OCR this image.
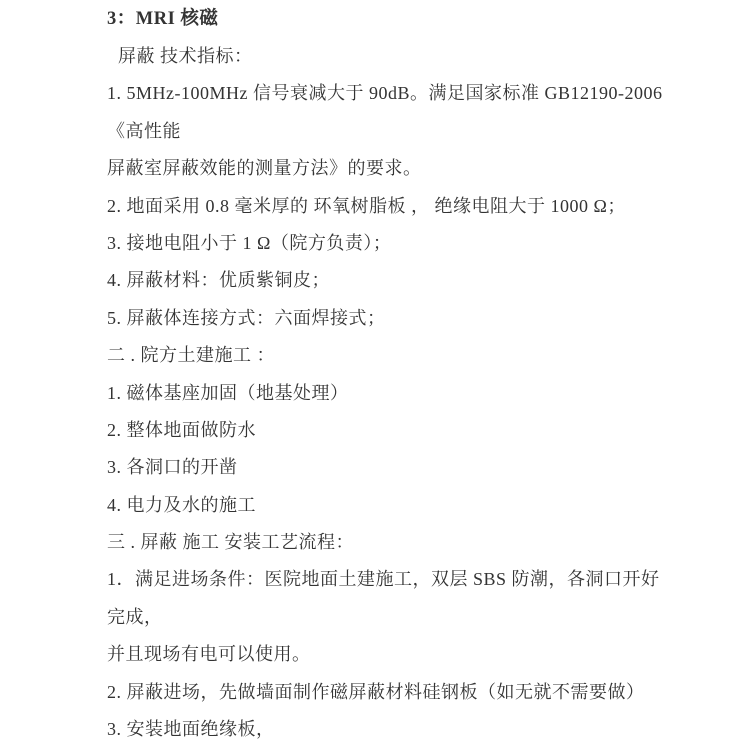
3：MRI 核磁
屏蔽 技术指标：
1. 5MHz-100MHz 信号衰减大于 90dB。满足国家标准 GB12190-2006
《高性能
屏蔽室屏蔽效能的测量方法》的要求。
2. 地面采用 0.8 毫米厚的 环氧树脂板 ， 绝缘电阻大于 1000 Ω；
3. 接地电阻小于 1 Ω（院方负责）；
4. 屏蔽材料：优质紫铜皮；
5. 屏蔽体连接方式：六面焊接式；
二 . 院方土建施工 ：
1. 磁体基座加固（地基处理）
2. 整体地面做防水
3. 各洞口的开凿
4. 电力及水的施工
三 . 屏蔽 施工 安装工艺流程：
1．满足进场条件：医院地面土建施工，双层 SBS 防潮，各洞口开好
完成，
并且现场有电可以使用。
2. 屏蔽进场，先做墙面制作磁屏蔽材料硅钢板（如无就不需要做）
3. 安装地面绝缘板，
